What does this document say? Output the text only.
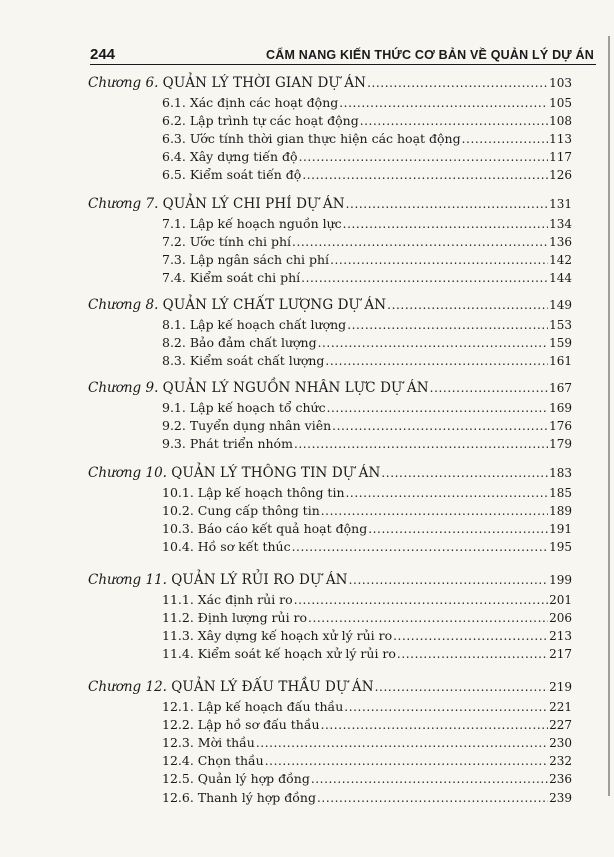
244	CẨM NANG KIẾN THỨC CƠ BẢN VỀ QUẢN LÝ DỰ ÁN
Chương 6. QUẢN LÝ THỜI GIAN DỰ ÁN .....	103
6.1. Xác định các hoạt động .....	105
6.2. Lập trình tự các hoạt động .....	108
6.3. Ước tính thời gian thực hiện các hoạt động .....	113
6.4. Xây dựng tiến độ .....	117
6.5. Kiểm soát tiến độ .....	126
Chương 7. QUẢN LÝ CHI PHÍ DỰ ÁN .....	131
7.1. Lập kế hoạch nguồn lực .....	134
7.2. Ước tính chi phí .....	136
7.3. Lập ngân sách chi phí .....	142
7.4. Kiểm soát chi phí .....	144
Chương 8. QUẢN LÝ CHẤT LƯỢNG DỰ ÁN .....	149
8.1. Lập kế hoạch chất lượng .....	153
8.2. Bảo đảm chất lượng .....	159
8.3. Kiểm soát chất lượng .....	161
Chương 9. QUẢN LÝ NGUỒN NHÂN LỰC DỰ ÁN .....	167
9.1. Lập kế hoạch tổ chức .....	169
9.2. Tuyển dụng nhân viên .....	176
9.3. Phát triển nhóm .....	179
Chương 10. QUẢN LÝ THÔNG TIN DỰ ÁN .....	183
10.1. Lập kế hoạch thông tin .....	185
10.2. Cung cấp thông tin .....	189
10.3. Báo cáo kết quả hoạt động .....	191
10.4. Hồ sơ kết thúc .....	195
Chương 11. QUẢN LÝ RỦI RO DỰ ÁN .....	199
11.1. Xác định rủi ro .....	201
11.2. Định lượng rủi ro .....	206
11.3. Xây dựng kế hoạch xử lý rủi ro .....	213
11.4. Kiểm soát kế hoạch xử lý rủi ro .....	217
Chương 12. QUẢN LÝ ĐẤU THẦU DỰ ÁN .....	219
12.1. Lập kế hoạch đấu thầu .....	221
12.2. Lập hồ sơ đấu thầu .....	227
12.3. Mời thầu .....	230
12.4. Chọn thầu .....	232
12.5. Quản lý hợp đồng .....	236
12.6. Thanh lý hợp đồng .....	239
